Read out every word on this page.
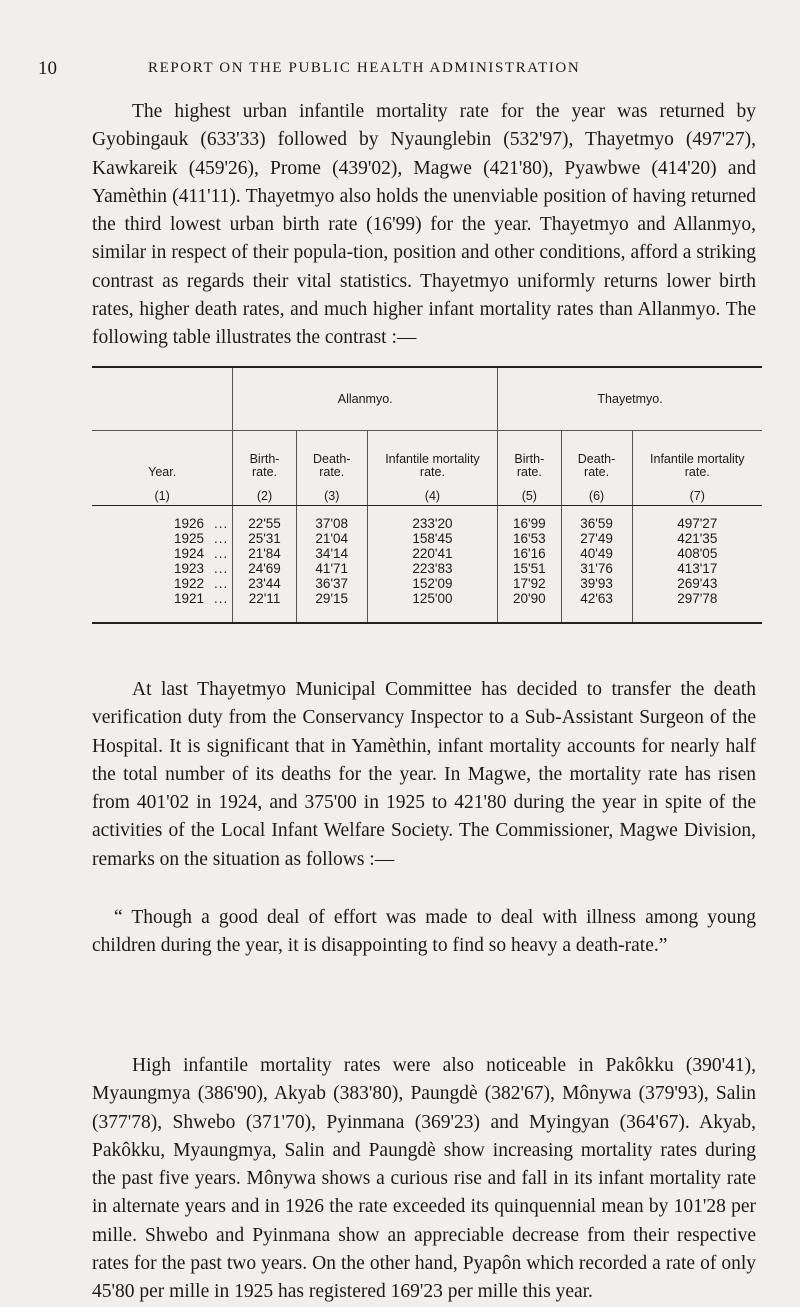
10	REPORT ON THE PUBLIC HEALTH ADMINISTRATION

The highest urban infantile mortality rate for the year was returned by Gyobingauk (633'33) followed by Nyaunglebin (532'97), Thayetmyo (497'27), Kawkareik (459'26), Prome (439'02), Magwe (421'80), Pyawbwe (414'20) and Yamèthin (411'11). Thayetmyo also holds the unenviable position of having returned the third lowest urban birth rate (16'99) for the year. Thayetmyo and Allanmyo, similar in respect of their popula-tion, position and other conditions, afford a striking contrast as regards their vital statistics. Thayetmyo uniformly returns lower birth rates, higher death rates, and much higher infant mortality rates than Allanmyo. The following table illustrates the contrast :—

	Allanmyo.			Thayetmyo.		
Year.	Birth-rate.	Death-rate.	Infantile mortality rate.	Birth-rate.	Death-rate.	Infantile mortality rate.
(1)	(2)	(3)	(4)	(5)	(6)	(7)
1926 ...	22'55	37'08	233'20	16'99	36'59	497'27
1925 ...	25'31	21'04	158'45	16'53	27'49	421'35
1924 ...	21'84	34'14	220'41	16'16	40'49	408'05
1923 ...	24'69	41'71	223'83	15'51	31'76	413'17
1922 ...	23'44	36'37	152'09	17'92	39'93	269'43
1921 ...	22'11	29'15	125'00	20'90	42'63	297'78

At last Thayetmyo Municipal Committee has decided to transfer the death verification duty from the Conservancy Inspector to a Sub-Assistant Surgeon of the Hospital. It is significant that in Yamèthin, infant mortality accounts for nearly half the total number of its deaths for the year. In Magwe, the mortality rate has risen from 401'02 in 1924, and 375'00 in 1925 to 421'80 during the year in spite of the activities of the Local Infant Welfare Society. The Commissioner, Magwe Division, remarks on the situation as follows :—

“ Though a good deal of effort was made to deal with illness among young children during the year, it is disappointing to find so heavy a death-rate.”

High infantile mortality rates were also noticeable in Pakôkku (390'41), Myaungmya (386'90), Akyab (383'80), Paungdè (382'67), Mônywa (379'93), Salin (377'78), Shwebo (371'70), Pyinmana (369'23) and Myingyan (364'67). Akyab, Pakôkku, Myaungmya, Salin and Paungdè show increasing mortality rates during the past five years. Mônywa shows a curious rise and fall in its infant mortality rate in alternate years and in 1926 the rate exceeded its quinquennial mean by 101'28 per mille. Shwebo and Pyinmana show an appreciable decrease from their respective rates for the past two years. On the other hand, Pyapôn which recorded a rate of only 45'80 per mille in 1925 has registered 169'23 per mille this year.
